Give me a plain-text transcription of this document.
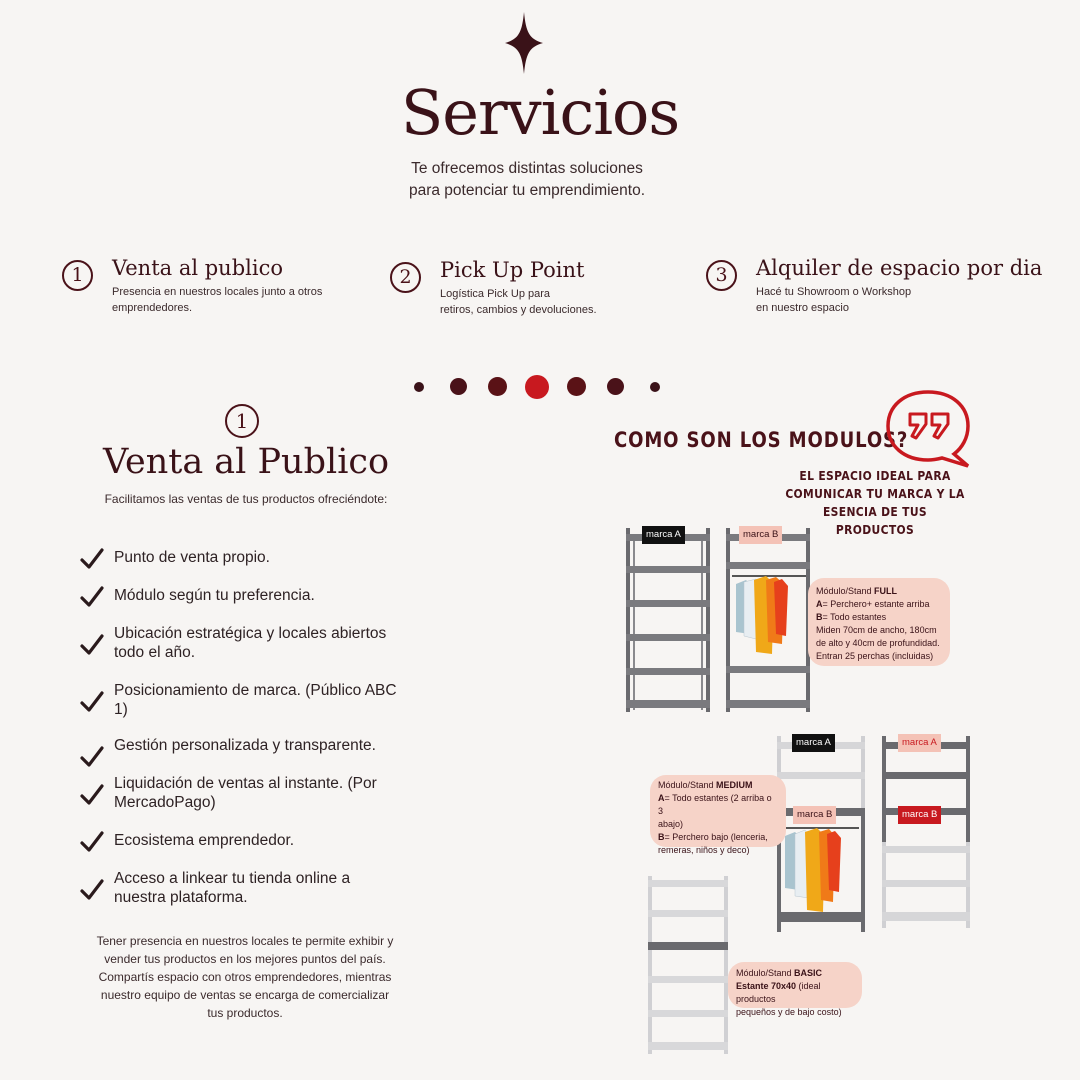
Servicios
Te ofrecemos distintas soluciones
para potenciar tu emprendimiento.
1	Venta al publico
Presencia en nuestros locales junto a otros
emprendedores.
2	Pick Up Point
Logística Pick Up para
retiros, cambios y devoluciones.
3	Alquiler de espacio por dia
Hacé tu Showroom o Workshop
en nuestro espacio
1
Venta al Publico
Facilitamos las ventas de tus productos ofreciéndote:
Punto de venta propio.
Módulo según tu preferencia.
Ubicación estratégica y locales abiertos todo el año.
Posicionamiento de marca. (Público ABC 1)
Gestión personalizada y transparente.
Liquidación de ventas al instante. (Por MercadoPago)
Ecosistema emprendedor.
Acceso a linkear tu tienda online a nuestra plataforma.
Tener presencia en nuestros locales te permite exhibir y
vender tus productos en los mejores puntos del país.
Compartís espacio con otros emprendedores, mientras
nuestro equipo de ventas se encarga de comercializar
tus productos.
COMO SON LOS MODULOS?
EL ESPACIO IDEAL PARA
COMUNICAR TU MARCA Y LA
ESENCIA DE TUS PRODUCTOS
marca A	marca B
Módulo/Stand FULL
A= Perchero+ estante arriba
B= Todo estantes
Miden 70cm de ancho, 180cm
de alto y 40cm de profundidad.
Entran 25 perchas (incluidas)
marca A
marca B
marca A
marca B
Módulo/Stand MEDIUM
A= Todo estantes (2 arriba o 3
abajo)
B= Perchero bajo (lenceria,
remeras, niños y deco)
Módulo/Stand BASIC
Estante 70x40 (ideal productos
pequeños y de bajo costo)
